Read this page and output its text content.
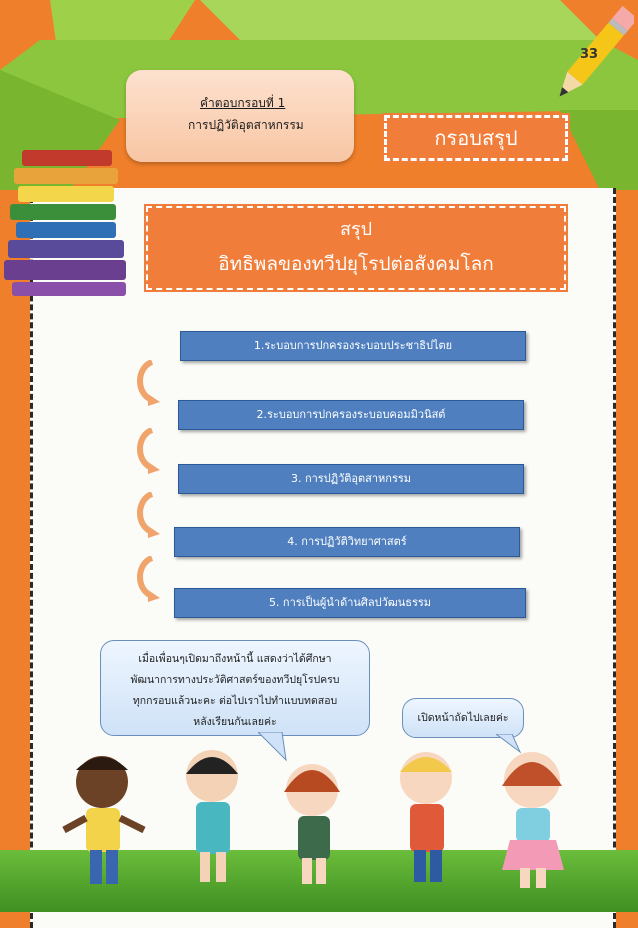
33
คำตอบกรอบที่ 1
การปฏิวัติอุตสาหกรรม
กรอบสรุป
สรุป
อิทธิพลของทวีปยุโรปต่อสังคมโลก
1.ระบอบการปกครองระบอบประชาธิปไตย
2.ระบอบการปกครองระบอบคอมมิวนิสต์
3. การปฏิวัติอุตสาหกรรม
4. การปฏิวัติวิทยาศาสตร์
5. การเป็นผู้นำด้านศิลปวัฒนธรรม
เมื่อเพื่อนๆเปิดมาถึงหน้านี้ แสดงว่าได้ศึกษา
พัฒนาการทางประวัติศาสตร์ของทวีปยุโรปครบ
ทุกกรอบแล้วนะคะ ต่อไปเราไปทำแบบทดสอบ
หลังเรียนกันเลยค่ะ	เปิดหน้าถัดไปเลยค่ะ
